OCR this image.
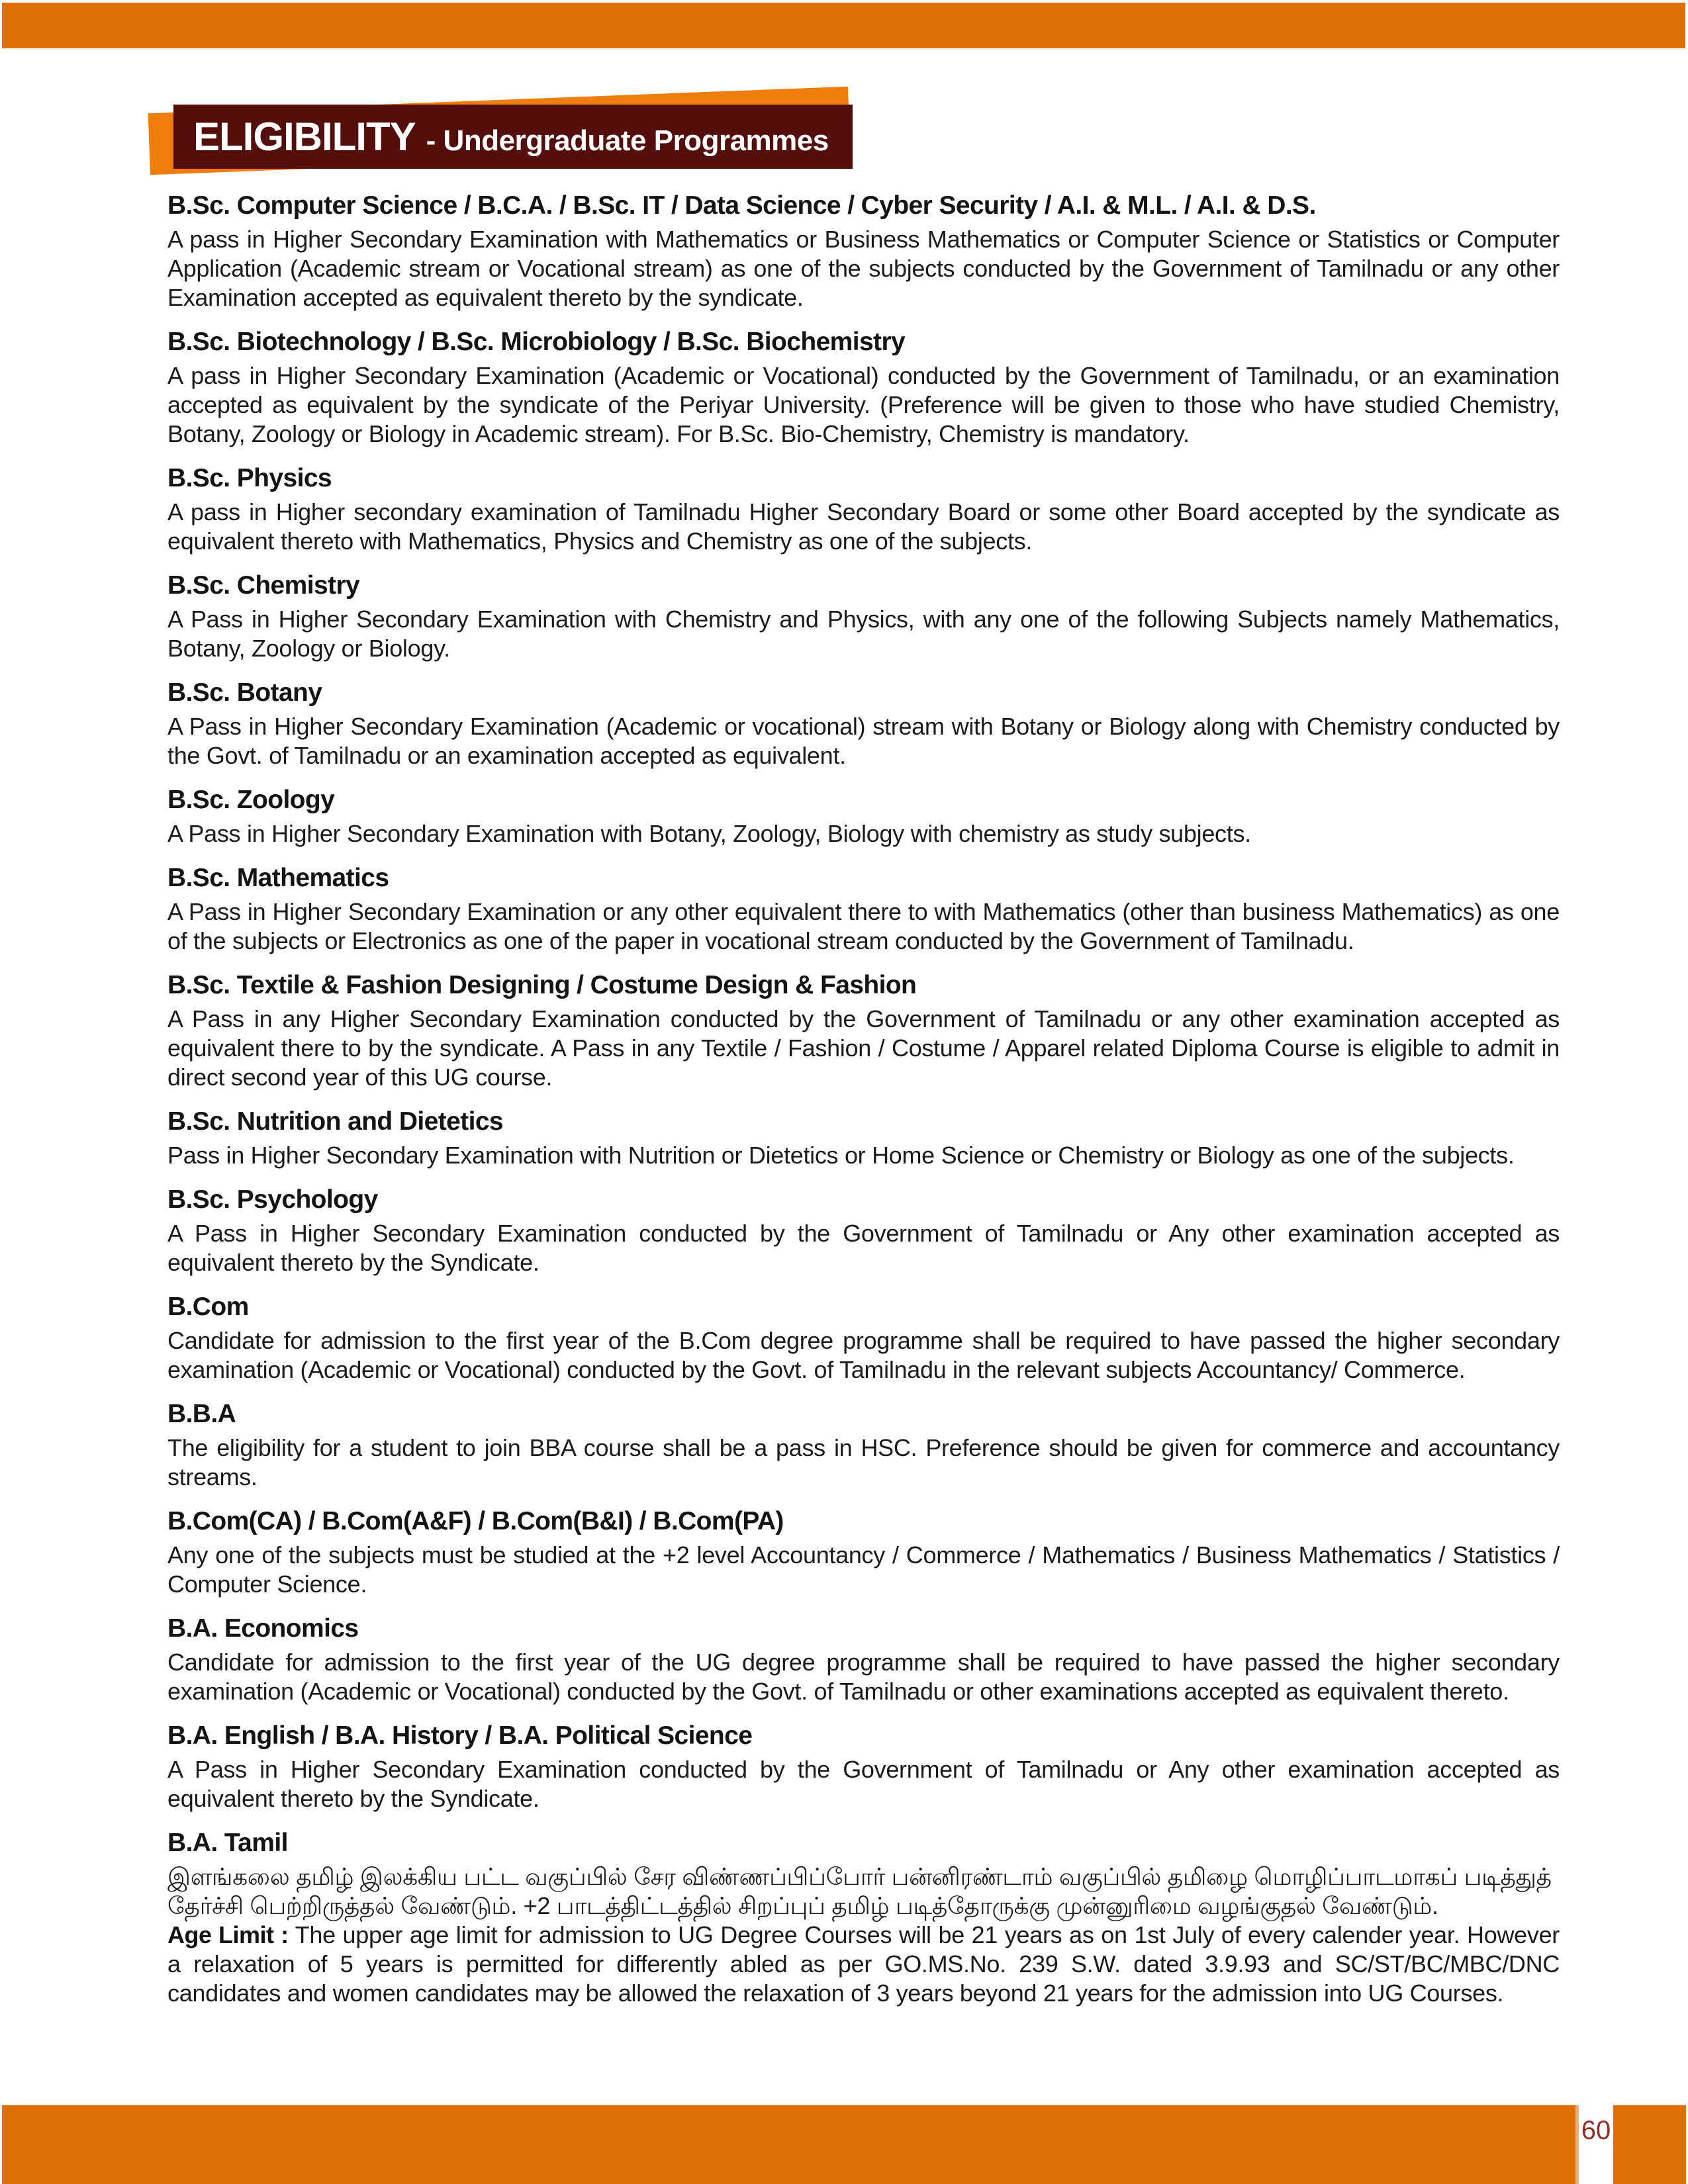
ELIGIBILITY - Undergraduate Programmes
B.Sc. Computer Science / B.C.A. / B.Sc. IT / Data Science / Cyber Security / A.I. & M.L. / A.I. & D.S.

A pass in Higher Secondary Examination with Mathematics or Business Mathematics or Computer Science or Statistics or Computer Application (Academic stream or Vocational stream) as one of the subjects conducted by the Government of Tamilnadu or any other Examination accepted as equivalent thereto by the syndicate.

B.Sc. Biotechnology / B.Sc. Microbiology / B.Sc. Biochemistry

A pass in Higher Secondary Examination (Academic or Vocational) conducted by the Government of Tamilnadu, or an examination accepted as equivalent by the syndicate of the Periyar University. (Preference will be given to those who have studied Chemistry, Botany, Zoology or Biology in Academic stream). For B.Sc. Bio-Chemistry, Chemistry is mandatory.

B.Sc. Physics

A pass in Higher secondary examination of Tamilnadu Higher Secondary Board or some other Board accepted by the syndicate as equivalent thereto with Mathematics, Physics and Chemistry as one of the subjects.

B.Sc. Chemistry

A Pass in Higher Secondary Examination with Chemistry and Physics, with any one of the following Subjects namely Mathematics, Botany, Zoology or Biology.

B.Sc. Botany

A Pass in Higher Secondary Examination (Academic or vocational) stream with Botany or Biology along with Chemistry conducted by the Govt. of Tamilnadu or an examination accepted as equivalent.

B.Sc. Zoology

A Pass in Higher Secondary Examination with Botany, Zoology, Biology with chemistry as study subjects.

B.Sc. Mathematics

A Pass in Higher Secondary Examination or any other equivalent there to with Mathematics (other than business Mathematics) as one of the subjects or Electronics as one of the paper in vocational stream conducted by the Government of Tamilnadu.

B.Sc. Textile & Fashion Designing / Costume Design & Fashion

A Pass in any Higher Secondary Examination conducted by the Government of Tamilnadu or any other examination accepted as equivalent there to by the syndicate. A Pass in any Textile / Fashion / Costume / Apparel related Diploma Course is eligible to admit in direct second year of this UG course.

B.Sc. Nutrition and Dietetics

Pass in Higher Secondary Examination with Nutrition or Dietetics or Home Science or Chemistry or Biology as one of the subjects.

B.Sc. Psychology

A Pass in Higher Secondary Examination conducted by the Government of Tamilnadu or Any other examination accepted as equivalent thereto by the Syndicate.

B.Com

Candidate for admission to the first year of the B.Com degree programme shall be required to have passed the higher secondary examination (Academic or Vocational) conducted by the Govt. of Tamilnadu in the relevant subjects Accountancy/ Commerce.

B.B.A

The eligibility for a student to join BBA course shall be a pass in HSC. Preference should be given for commerce and accountancy streams.

B.Com(CA) / B.Com(A&F) / B.Com(B&I) / B.Com(PA)

Any one of the subjects must be studied at the +2 level Accountancy / Commerce / Mathematics / Business Mathematics / Statistics / Computer Science.

B.A. Economics

Candidate for admission to the first year of the UG degree programme shall be required to have passed the higher secondary examination (Academic or Vocational) conducted by the Govt. of Tamilnadu or other examinations accepted as equivalent thereto.

B.A. English / B.A. History / B.A. Political Science

A Pass in Higher Secondary Examination conducted by the Government of Tamilnadu or Any other examination accepted as equivalent thereto by the Syndicate.

B.A. Tamil

இளங்கலை தமிழ் இலக்கிய பட்ட வகுப்பில் சேர விண்ணப்பிப்போர் பன்னிரண்டாம் வகுப்பில் தமிழை மொழிப்பாடமாகப் படித்துத் தேர்ச்சி பெற்றிருத்தல் வேண்டும். +2 பாடத்திட்டத்தில் சிறப்புப் தமிழ் படித்தோருக்கு முன்னுரிமை வழங்குதல் வேண்டும்.

Age Limit : The upper age limit for admission to UG Degree Courses will be 21 years as on 1st July of every calender year. However a relaxation of 5 years is permitted for differently abled as per GO.MS.No. 239 S.W. dated 3.9.93 and SC/ST/BC/MBC/DNC candidates and women candidates may be allowed the relaxation of 3 years beyond 21 years for the admission into UG Courses.

60
